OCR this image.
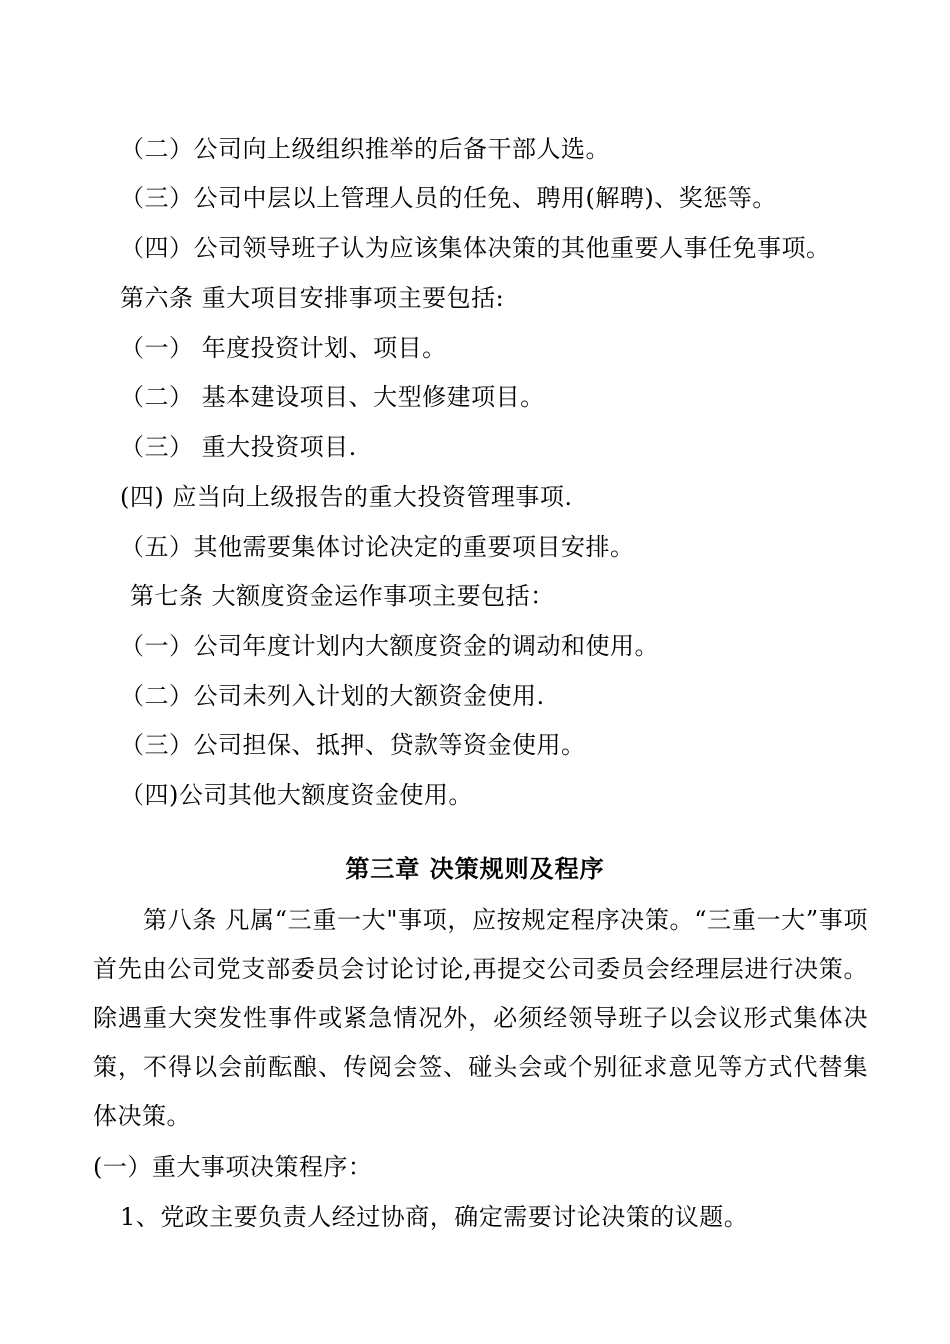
（二）公司向上级组织推举的后备干部人选。
（三）公司中层以上管理人员的任免、聘用(解聘)、奖惩等。
（四）公司领导班子认为应该集体决策的其他重要人事任免事项。
第六条 重大项目安排事项主要包括:
（一） 年度投资计划、项目。
（二） 基本建设项目、大型修建项目。
（三） 重大投资项目.
(四) 应当向上级报告的重大投资管理事项.
（五）其他需要集体讨论决定的重要项目安排。
第七条 大额度资金运作事项主要包括：
（一）公司年度计划内大额度资金的调动和使用。
（二）公司未列入计划的大额资金使用.
（三）公司担保、抵押、贷款等资金使用。
（四)公司其他大额度资金使用。
第三章 决策规则及程序
第八条 凡属“三重一大"事项，应按规定程序决策。“三重一大”事项首先由公司党支部委员会讨论讨论,再提交公司委员会经理层进行决策。除遇重大突发性事件或紧急情况外，必须经领导班子以会议形式集体决策，不得以会前酝酿、传阅会签、碰头会或个别征求意见等方式代替集体决策。
(一）重大事项决策程序：
1、党政主要负责人经过协商，确定需要讨论决策的议题。
